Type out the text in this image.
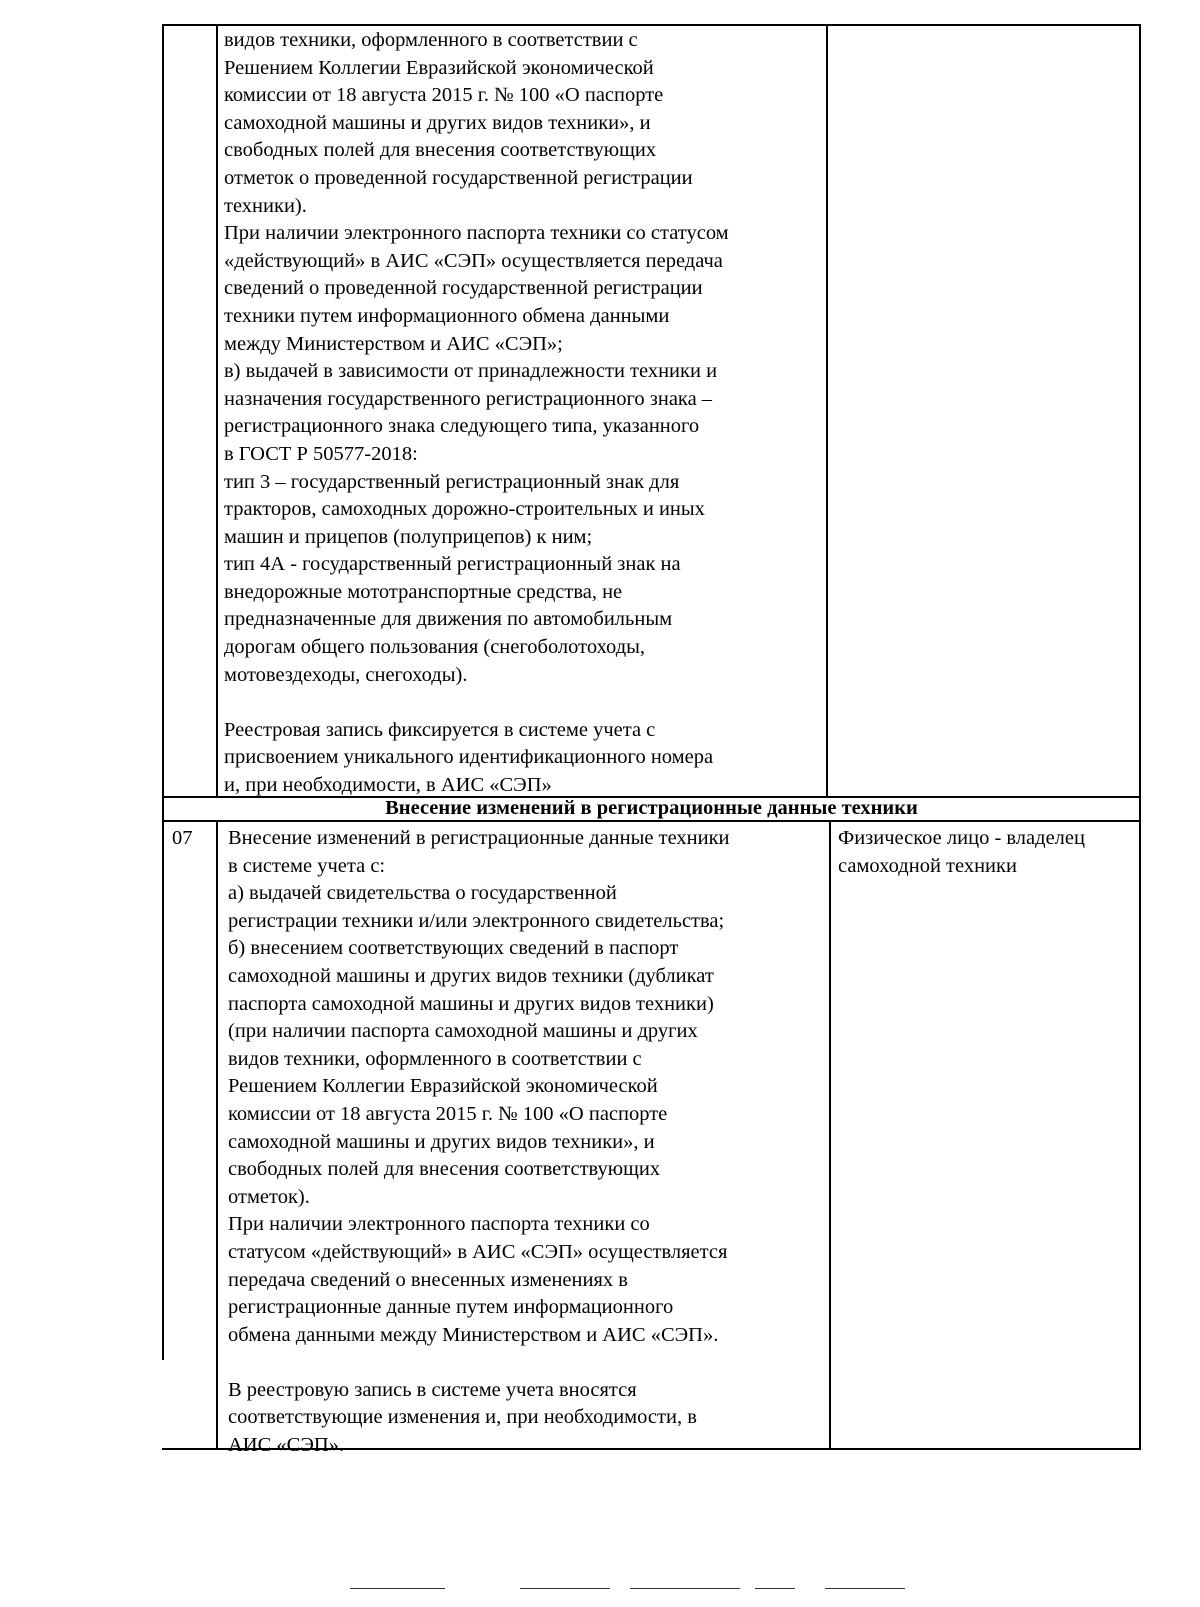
видов техники, оформленного в соответствии с
Решением Коллегии Евразийской экономической
комиссии от 18 августа 2015 г. № 100 «О паспорте
самоходной машины и других видов техники», и
свободных полей для внесения соответствующих
отметок о проведенной государственной регистрации
техники).
При наличии электронного паспорта техники со статусом
«действующий» в АИС «СЭП» осуществляется передача
сведений о проведенной государственной регистрации
техники путем информационного обмена данными
между Министерством и АИС «СЭП»;
в) выдачей в зависимости от принадлежности техники и
назначения государственного регистрационного знака –
регистрационного знака следующего типа, указанного
в ГОСТ Р 50577-2018:
тип 3 – государственный регистрационный знак для
тракторов, самоходных дорожно-строительных и иных
машин и прицепов (полуприцепов) к ним;
тип 4А - государственный регистрационный знак на
внедорожные мототранспортные средства, не
предназначенные для движения по автомобильным
дорогам общего пользования (снегоболотоходы,
мотовездеходы, снегоходы).
Реестровая запись фиксируется в системе учета с
присвоением уникального идентификационного номера
и, при необходимости, в АИС «СЭП»
Внесение изменений в регистрационные данные техники
07 Внесение изменений в регистрационные данные техники
в системе учета с:
а) выдачей свидетельства о государственной
регистрации техники и/или электронного свидетельства;
б) внесением соответствующих сведений в паспорт
самоходной машины и других видов техники (дубликат
паспорта самоходной машины и других видов техники)
(при наличии паспорта самоходной машины и других
видов техники, оформленного в соответствии с
Решением Коллегии Евразийской экономической
комиссии от 18 августа 2015 г. № 100 «О паспорте
самоходной машины и других видов техники», и
свободных полей для внесения соответствующих
отметок).
При наличии электронного паспорта техники со
статусом «действующий» в АИС «СЭП» осуществляется
передача сведений о внесенных изменениях в
регистрационные данные путем информационного
обмена данными между Министерством и АИС «СЭП».
В реестровую запись в системе учета вносятся
соответствующие изменения и, при необходимости, в
АИС «СЭП».
Физическое лицо - владелец
самоходной техники
